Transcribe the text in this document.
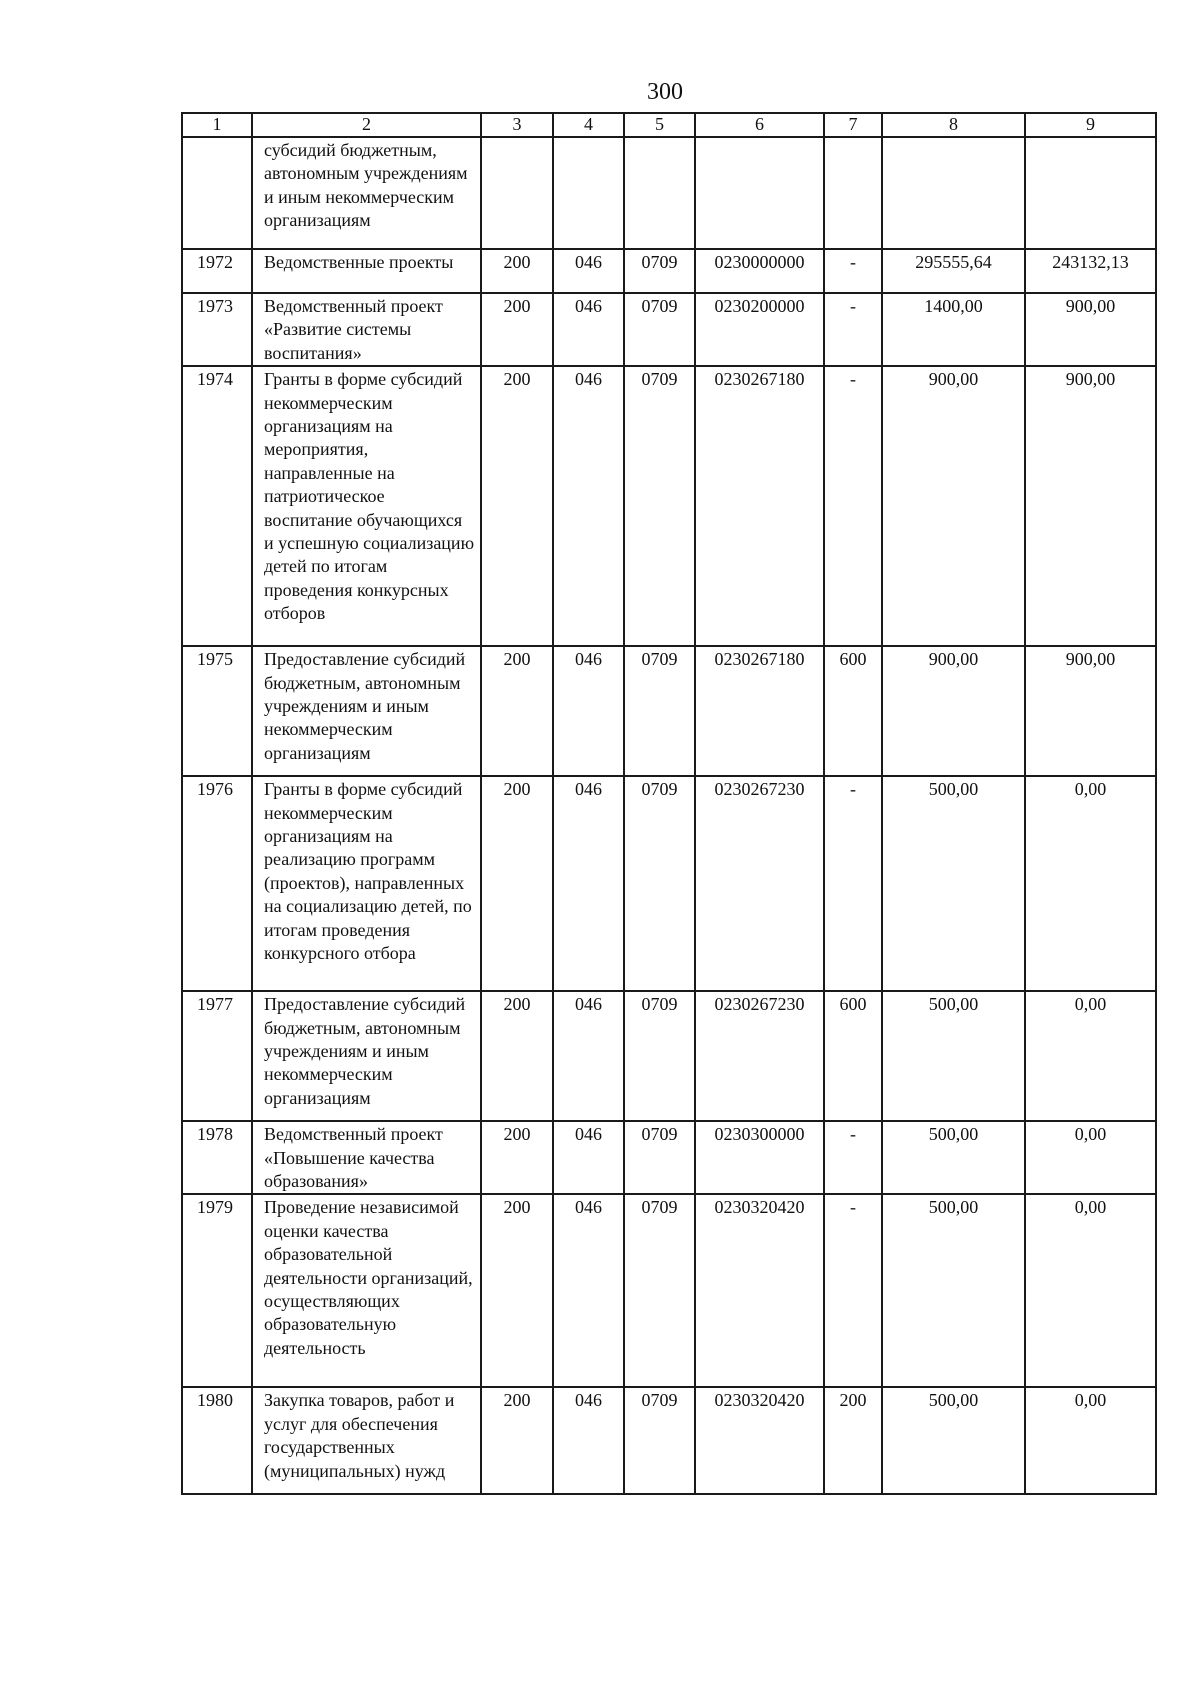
300
1	2	3	4	5	6	7	8	9
	субсидий бюджетным, автономным учреждениям и иным некоммерческим организациям							
1972	Ведомственные проекты	200	046	0709	0230000000	-	295555,64	243132,13
1973	Ведомственный проект «Развитие системы воспитания»	200	046	0709	0230200000	-	1400,00	900,00
1974	Гранты в форме субсидий некоммерческим организациям на мероприятия, направленные на патриотическое воспитание обучающихся и успешную социализацию детей по итогам проведения конкурсных отборов	200	046	0709	0230267180	-	900,00	900,00
1975	Предоставление субсидий бюджетным, автономным учреждениям и иным некоммерческим организациям	200	046	0709	0230267180	600	900,00	900,00
1976	Гранты в форме субсидий некоммерческим организациям на реализацию программ (проектов), направленных на социализацию детей, по итогам проведения конкурсного отбора	200	046	0709	0230267230	-	500,00	0,00
1977	Предоставление субсидий бюджетным, автономным учреждениям и иным некоммерческим организациям	200	046	0709	0230267230	600	500,00	0,00
1978	Ведомственный проект «Повышение качества образования»	200	046	0709	0230300000	-	500,00	0,00
1979	Проведение независимой оценки качества образовательной деятельности организаций, осуществляющих образовательную деятельность	200	046	0709	0230320420	-	500,00	0,00
1980	Закупка товаров, работ и услуг для обеспечения государственных (муниципальных) нужд	200	046	0709	0230320420	200	500,00	0,00
